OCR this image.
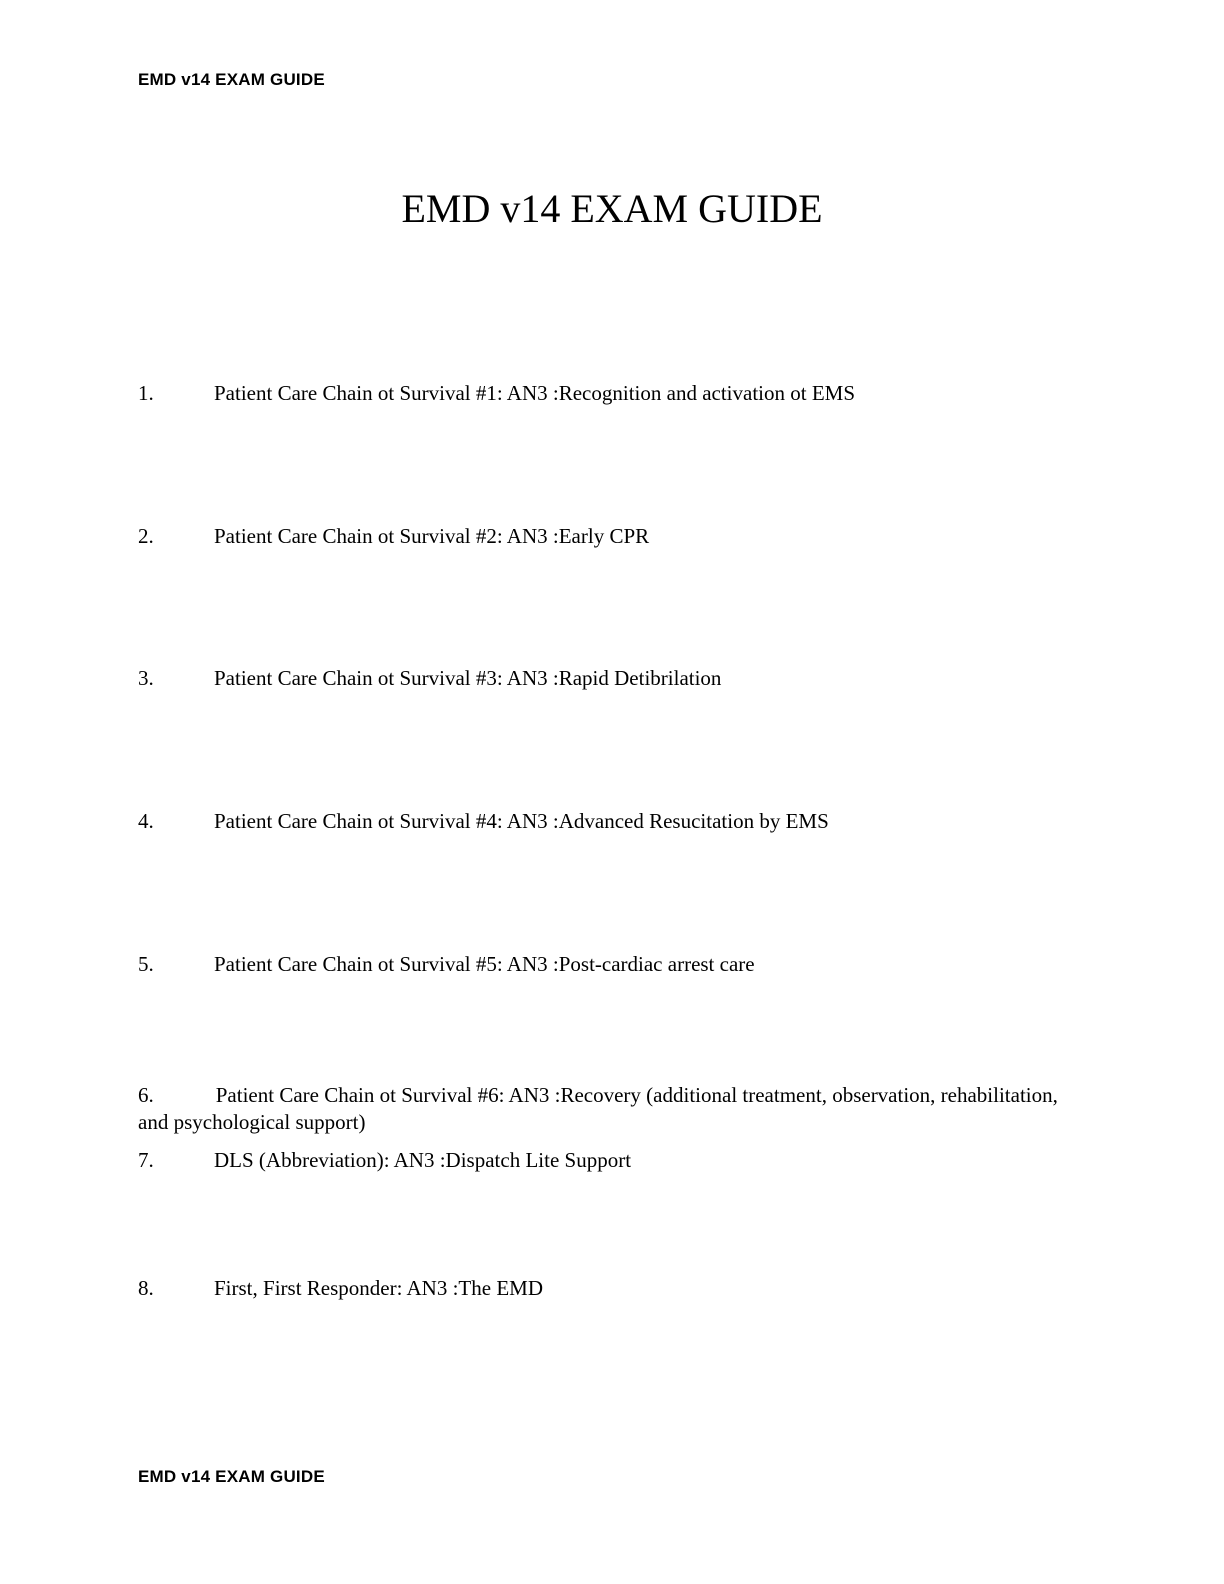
EMD v14 EXAM GUIDE
EMD v14 EXAM GUIDE
1.	Patient Care Chain ot Survival #1: AN3 :Recognition and activation ot EMS
2.	Patient Care Chain ot Survival #2: AN3 :Early CPR
3.	Patient Care Chain ot Survival #3: AN3 :Rapid Detibrilation
4.	Patient Care Chain ot Survival #4: AN3 :Advanced Resucitation by EMS
5.	Patient Care Chain ot Survival #5: AN3 :Post-cardiac arrest care
6.	Patient Care Chain ot Survival #6: AN3 :Recovery (additional treatment, observation, rehabilitation, and psychological support)
7.	DLS (Abbreviation): AN3 :Dispatch Lite Support
8.	First, First Responder: AN3 :The EMD
EMD v14 EXAM GUIDE
